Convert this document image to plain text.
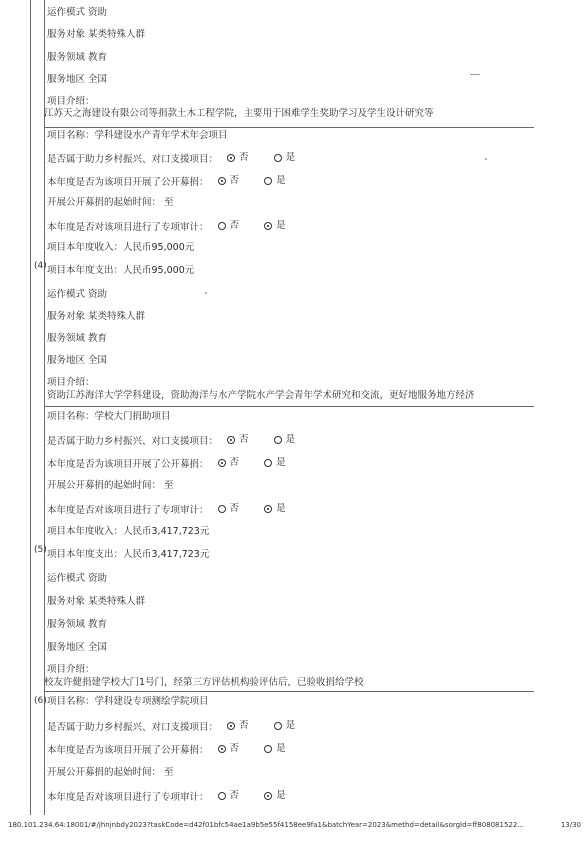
运作模式 资助
服务对象 某类特殊人群
服务领域 教育
服务地区 全国
项目介绍：
江苏天之海建设有限公司等捐款土木工程学院，主要用于困难学生奖助学习及学生设计研究等
项目名称：学科建设水产青年学术年会项目
是否属于助力乡村振兴、对口支援项目： 否
	是
本年度是否为该项目开展了公开募捐： 否
	是
开展公开募捐的起始时间： 至
本年度是否对该项目进行了专项审计： 否
	是
项目本年度收入：人民币95,000元
(4) 项目本年度支出：人民币95,000元
运作模式 资助
服务对象 某类特殊人群
服务领域 教育
服务地区 全国
项目介绍：
资助江苏海洋大学学科建设，资助海洋与水产学院水产学会青年学术研究和交流，更好地服务地方经济
项目名称：学校大门捐助项目
是否属于助力乡村振兴、对口支援项目： 否
	是
本年度是否为该项目开展了公开募捐： 否
	是
开展公开募捐的起始时间： 至
本年度是否对该项目进行了专项审计： 否
	是
项目本年度收入：人民币3,417,723元
(5) 项目本年度支出：人民币3,417,723元
运作模式 资助
服务对象 某类特殊人群
服务领域 教育
服务地区 全国
项目介绍：
校友许健捐建学校大门1号门，经第三方评估机构验评估后，已验收捐给学校
(6) 项目名称：学科建设专项测绘学院项目
是否属于助力乡村振兴、对口支援项目： 否
	是
本年度是否为该项目开展了公开募捐： 否
	是
开展公开募捐的起始时间： 至
本年度是否对该项目进行了专项审计： 否
	是
180.101.234.64:18001/#/jhnjnbdy2023?taskCode=d42f01bfc54ae1a9b5e55f4158ee9fa1&batchYear=2023&methd=detail&sorgId=ff808081522...	13/30
